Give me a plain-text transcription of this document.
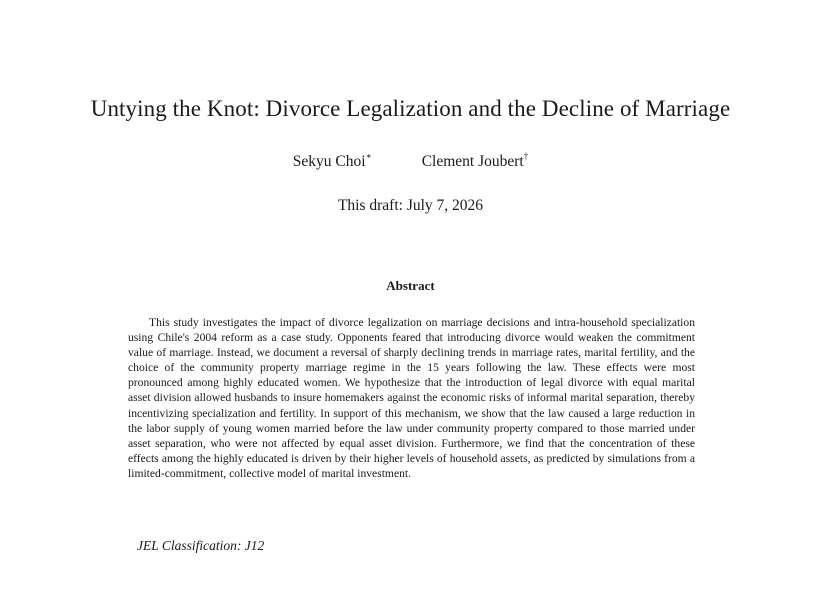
Untying the Knot: Divorce Legalization and the Decline of Marriage
Sekyu Choi∗	Clement Joubert†
This draft: July 7, 2026
Abstract

This study investigates the impact of divorce legalization on marriage decisions and intra-household specialization using Chile's 2004 reform as a case study. Opponents feared that introducing divorce would weaken the commitment value of marriage. Instead, we document a reversal of sharply declining trends in marriage rates, marital fertility, and the choice of the community property marriage regime in the 15 years following the law. These effects were most pronounced among highly educated women. We hypothesize that the introduction of legal divorce with equal marital asset division allowed husbands to insure homemakers against the economic risks of informal marital separation, thereby incentivizing specialization and fertility. In support of this mechanism, we show that the law caused a large reduction in the labor supply of young women married before the law under community property compared to those married under asset separation, who were not affected by equal asset division. Furthermore, we find that the concentration of these effects among the highly educated is driven by their higher levels of household assets, as predicted by simulations from a limited-commitment, collective model of marital investment.

JEL Classification: J12
